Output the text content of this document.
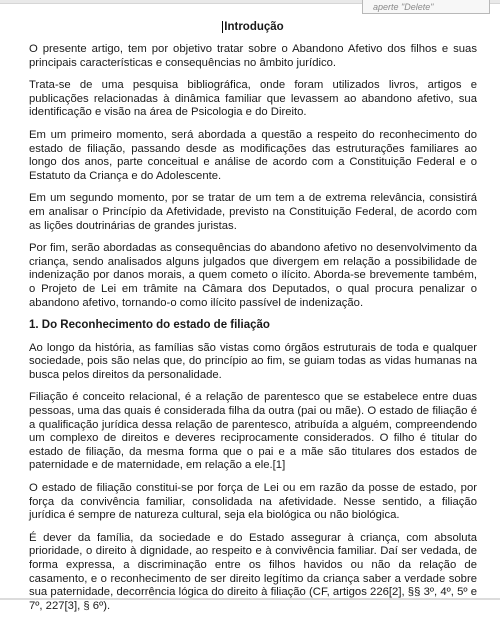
aperte "Delete"
Introdução

O presente artigo, tem por objetivo tratar sobre o Abandono Afetivo dos filhos e suas principais características e consequências no âmbito jurídico.

Trata-se de uma pesquisa bibliográfica, onde foram utilizados livros, artigos e publicações relacionadas à dinâmica familiar que levassem ao abandono afetivo, sua identificação e visão na área de Psicologia e do Direito.

Em um primeiro momento, será abordada a questão a respeito do reconhecimento do estado de filiação, passando desde as modificações das estruturações familiares ao longo dos anos, parte conceitual e análise de acordo com a Constituição Federal e o Estatuto da Criança e do Adolescente.

Em um segundo momento, por se tratar de um tem a de extrema relevância, consistirá em analisar o Princípio da Afetividade, previsto na Constituição Federal, de acordo com as lições doutrinárias de grandes juristas.

Por fim, serão abordadas as consequências do abandono afetivo no desenvolvimento da criança, sendo analisados alguns julgados que divergem em relação a possibilidade de indenização por danos morais, a quem cometo o ilícito. Aborda-se brevemente também, o Projeto de Lei em trâmite na Câmara dos Deputados, o qual procura penalizar o abandono afetivo, tornando-o como ilícito passível de indenização.

1. Do Reconhecimento do estado de filiação

Ao longo da história, as famílias são vistas como órgãos estruturais de toda e qualquer sociedade, pois são nelas que, do princípio ao fim, se guiam todas as vidas humanas na busca pelos direitos da personalidade.

Filiação é conceito relacional, é a relação de parentesco que se estabelece entre duas pessoas, uma das quais é considerada filha da outra (pai ou mãe). O estado de filiação é a qualificação jurídica dessa relação de parentesco, atribuída a alguém, compreendendo um complexo de direitos e deveres reciprocamente considerados. O filho é titular do estado de filiação, da mesma forma que o pai e a mãe são titulares dos estados de paternidade e de maternidade, em relação a ele.[1]

O estado de filiação constitui-se por força de Lei ou em razão da posse de estado, por força da convivência familiar, consolidada na afetividade. Nesse sentido, a filiação jurídica é sempre de natureza cultural, seja ela biológica ou não biológica.

É dever da família, da sociedade e do Estado assegurar à criança, com absoluta prioridade, o direito à dignidade, ao respeito e à convivência familiar. Daí ser vedada, de forma expressa, a discriminação entre os filhos havidos ou não da relação de casamento, e o reconhecimento de ser direito legítimo da criança saber a verdade sobre sua paternidade, decorrência lógica do direito à filiação (CF, artigos 226[2], §§ 3º, 4º, 5º e 7º, 227[3], § 6º).
